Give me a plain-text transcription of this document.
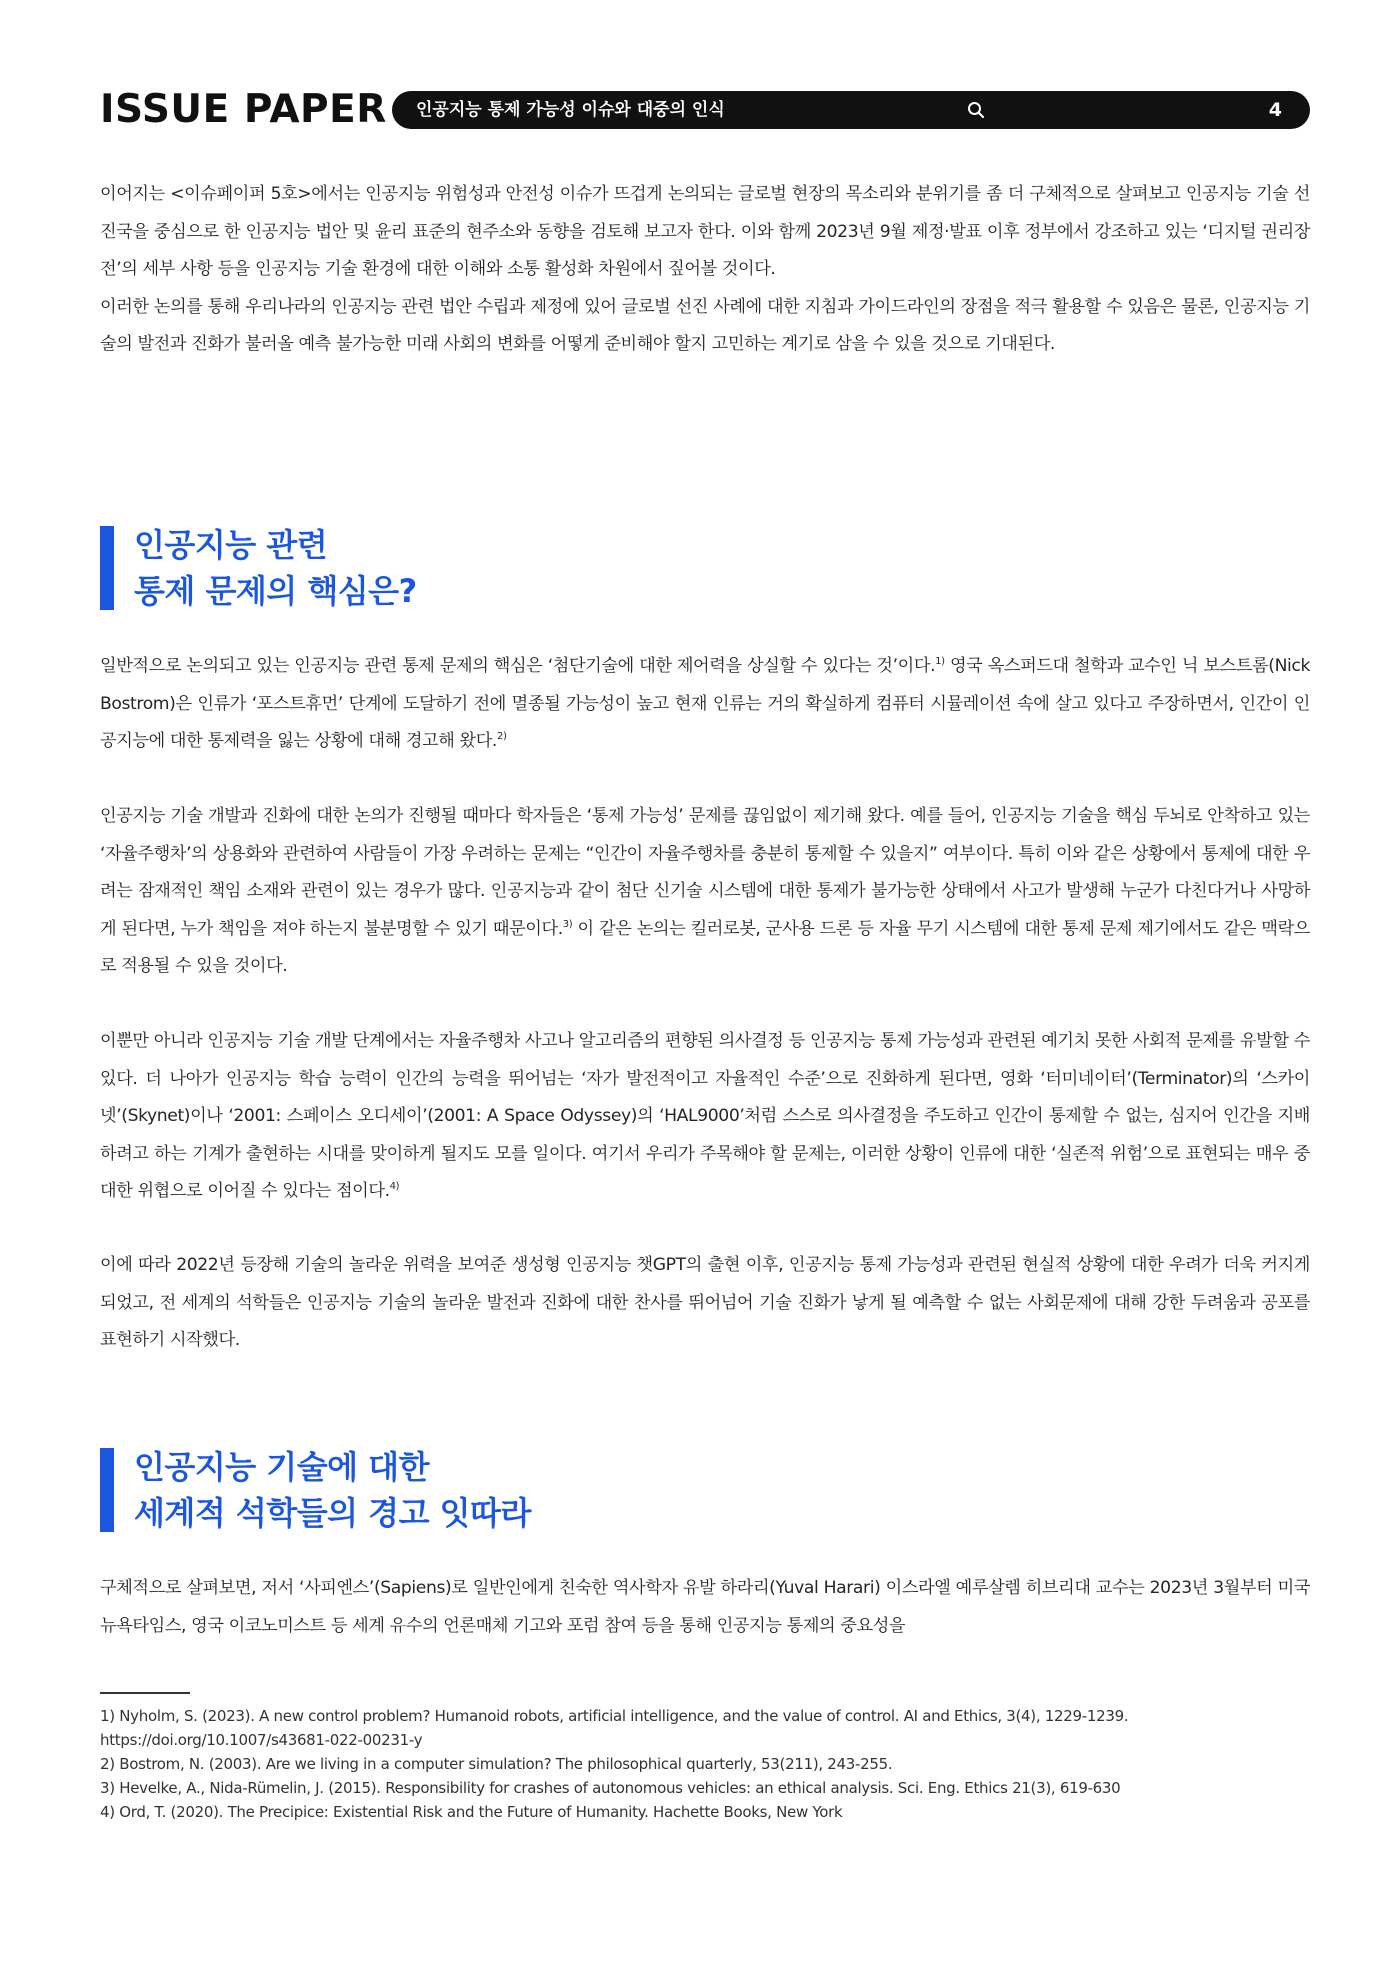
ISSUE PAPER 인공지능 통제 가능성 이슈와 대중의 인식	4

이어지는 <이슈페이퍼 5호>에서는 인공지능 위험성과 안전성 이슈가 뜨겁게 논의되는 글로벌 현장의 목소리와 분위기를 좀 더 구체적으로 살펴보고 인공지능 기술 선진국을 중심으로 한 인공지능 법안 및 윤리 표준의 현주소와 동향을 검토해 보고자 한다. 이와 함께 2023년 9월 제정·발표 이후 정부에서 강조하고 있는 ‘디지털 권리장전’의 세부 사항 등을 인공지능 기술 환경에 대한 이해와 소통 활성화 차원에서 짚어볼 것이다.

이러한 논의를 통해 우리나라의 인공지능 관련 법안 수립과 제정에 있어 글로벌 선진 사례에 대한 지침과 가이드라인의 장점을 적극 활용할 수 있음은 물론, 인공지능 기술의 발전과 진화가 불러올 예측 불가능한 미래 사회의 변화를 어떻게 준비해야 할지 고민하는 계기로 삼을 수 있을 것으로 기대된다.

인공지능 관련
통제 문제의 핵심은?

일반적으로 논의되고 있는 인공지능 관련 통제 문제의 핵심은 ‘첨단기술에 대한 제어력을 상실할 수 있다는 것’이다.$^{1)}$ 영국 옥스퍼드대 철학과 교수인 닉 보스트롬(Nick Bostrom)은 인류가 ‘포스트휴먼’ 단계에 도달하기 전에 멸종될 가능성이 높고 현재 인류는 거의 확실하게 컴퓨터 시뮬레이션 속에 살고 있다고 주장하면서, 인간이 인공지능에 대한 통제력을 잃는 상황에 대해 경고해 왔다.$^{2)}$

인공지능 기술 개발과 진화에 대한 논의가 진행될 때마다 학자들은 ‘통제 가능성’ 문제를 끊임없이 제기해 왔다. 예를 들어, 인공지능 기술을 핵심 두뇌로 안착하고 있는 ‘자율주행차’의 상용화와 관련하여 사람들이 가장 우려하는 문제는 “인간이 자율주행차를 충분히 통제할 수 있을지” 여부이다. 특히 이와 같은 상황에서 통제에 대한 우려는 잠재적인 책임 소재와 관련이 있는 경우가 많다. 인공지능과 같이 첨단 신기술 시스템에 대한 통제가 불가능한 상태에서 사고가 발생해 누군가 다친다거나 사망하게 된다면, 누가 책임을 져야 하는지 불분명할 수 있기 때문이다.$^{3)}$ 이 같은 논의는 킬러로봇, 군사용 드론 등 자율 무기 시스템에 대한 통제 문제 제기에서도 같은 맥락으로 적용될 수 있을 것이다.

이뿐만 아니라 인공지능 기술 개발 단계에서는 자율주행차 사고나 알고리즘의 편향된 의사결정 등 인공지능 통제 가능성과 관련된 예기치 못한 사회적 문제를 유발할 수 있다. 더 나아가 인공지능 학습 능력이 인간의 능력을 뛰어넘는 ‘자가 발전적이고 자율적인 수준’으로 진화하게 된다면, 영화 ‘터미네이터’(Terminator)의 ‘스카이넷’(Skynet)이나 ‘2001: 스페이스 오디세이’(2001: A Space Odyssey)의 ‘HAL9000’처럼 스스로 의사결정을 주도하고 인간이 통제할 수 없는, 심지어 인간을 지배하려고 하는 기계가 출현하는 시대를 맞이하게 될지도 모를 일이다. 여기서 우리가 주목해야 할 문제는, 이러한 상황이 인류에 대한 ‘실존적 위험’으로 표현되는 매우 중대한 위협으로 이어질 수 있다는 점이다.$^{4)}$

이에 따라 2022년 등장해 기술의 놀라운 위력을 보여준 생성형 인공지능 챗GPT의 출현 이후, 인공지능 통제 가능성과 관련된 현실적 상황에 대한 우려가 더욱 커지게 되었고, 전 세계의 석학들은 인공지능 기술의 놀라운 발전과 진화에 대한 찬사를 뛰어넘어 기술 진화가 낳게 될 예측할 수 없는 사회문제에 대해 강한 두려움과 공포를 표현하기 시작했다.

인공지능 기술에 대한
세계적 석학들의 경고 잇따라

구체적으로 살펴보면, 저서 ‘사피엔스’(Sapiens)로 일반인에게 친숙한 역사학자 유발 하라리(Yuval Harari) 이스라엘 예루살렘 히브리대 교수는 2023년 3월부터 미국 뉴욕타임스, 영국 이코노미스트 등 세계 유수의 언론매체 기고와 포럼 참여 등을 통해 인공지능 통제의 중요성을

1) Nyholm, S. (2023). A new control problem? Humanoid robots, artificial intelligence, and the value of control. AI and Ethics, 3(4), 1229-1239. https://doi.org/10.1007/s43681-022-00231-y

2) Bostrom, N. (2003). Are we living in a computer simulation? The philosophical quarterly, 53(211), 243-255.

3) Hevelke, A., Nida-Rümelin, J. (2015). Responsibility for crashes of autonomous vehicles: an ethical analysis. Sci. Eng. Ethics 21(3), 619-630

4) Ord, T. (2020). The Precipice: Existential Risk and the Future of Humanity. Hachette Books, New York
